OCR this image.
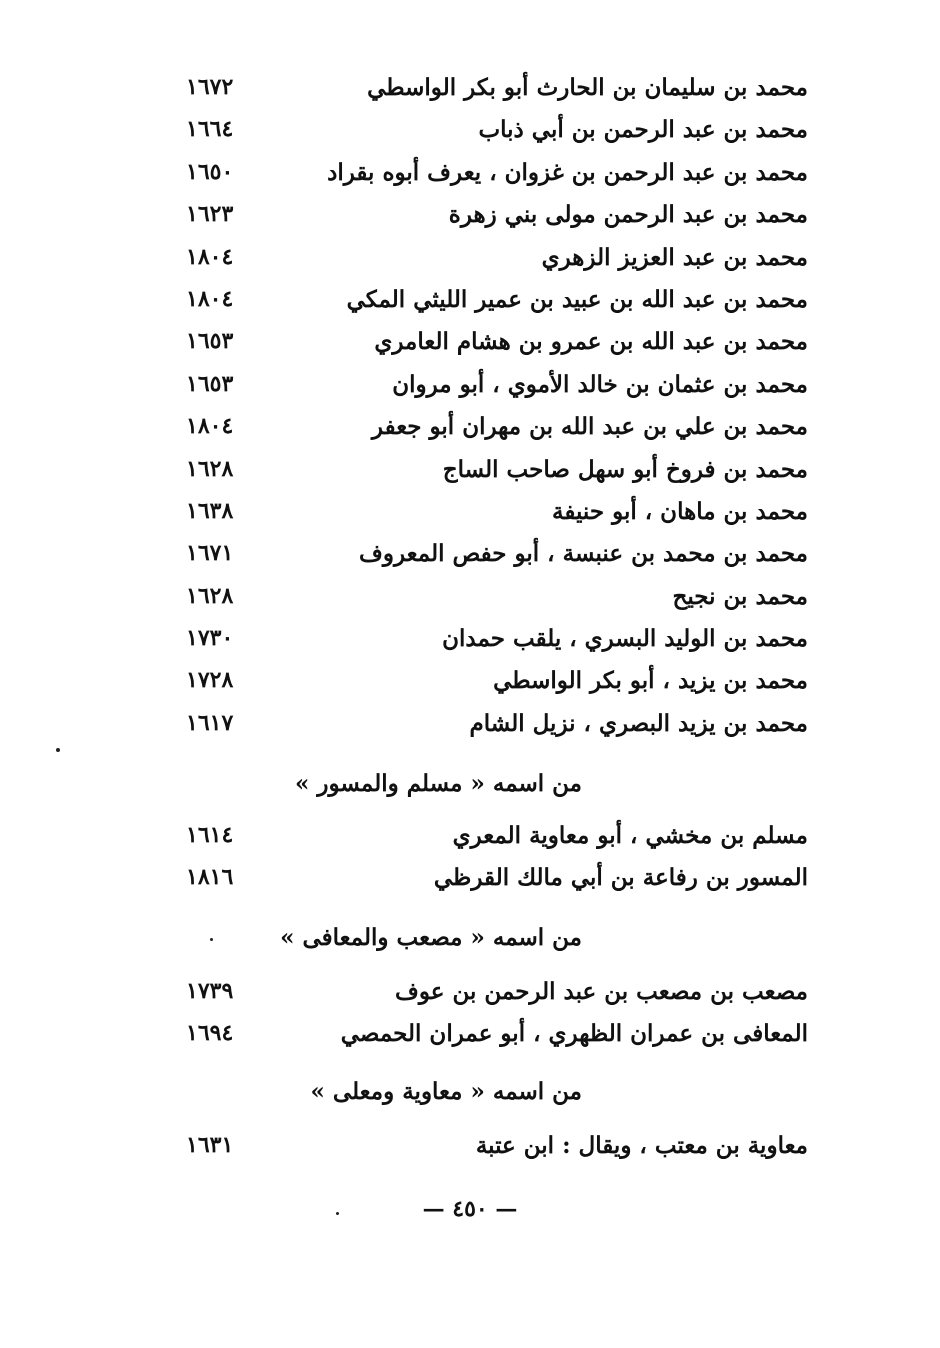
محمد بن سليمان بن الحارث أبو بكر الواسطي
١٦٧٢
محمد بن عبد الرحمن بن أبي ذباب
١٦٦٤
محمد بن عبد الرحمن بن غزوان ، يعرف أبوه بقراد
١٦٥٠
محمد بن عبد الرحمن مولى بني زهرة
١٦٢٣
محمد بن عبد العزيز الزهري
١٨٠٤
محمد بن عبد الله بن عبيد بن عمير الليثي المكي
١٨٠٤
محمد بن عبد الله بن عمرو بن هشام العامري
١٦٥٣
محمد بن عثمان بن خالد الأموي ، أبو مروان
١٦٥٣
محمد بن علي بن عبد الله بن مهران أبو جعفر
١٨٠٤
محمد بن فروخ أبو سهل صاحب الساج
١٦٢٨
محمد بن ماهان ، أبو حنيفة
١٦٣٨
محمد بن محمد بن عنبسة ، أبو حفص المعروف
١٦٧١
محمد بن نجيح
١٦٢٨
محمد بن الوليد البسري ، يلقب حمدان
١٧٣٠
محمد بن يزيد ، أبو بكر الواسطي
١٧٢٨
محمد بن يزيد البصري ، نزيل الشام
١٦١٧
من اسمه « مسلم والمسور »
مسلم بن مخشي ، أبو معاوية المعري
١٦١٤
المسور بن رفاعة بن أبي مالك القرظي
١٨١٦
من اسمه « مصعب والمعافى »
مصعب بن مصعب بن عبد الرحمن بن عوف
١٧٣٩
المعافى بن عمران الظهري ، أبو عمران الحمصي
١٦٩٤
من اسمه « معاوية ومعلى »
معاوية بن معتب ، ويقال : ابن عتبة
١٦٣١
— ٤٥٠ —
